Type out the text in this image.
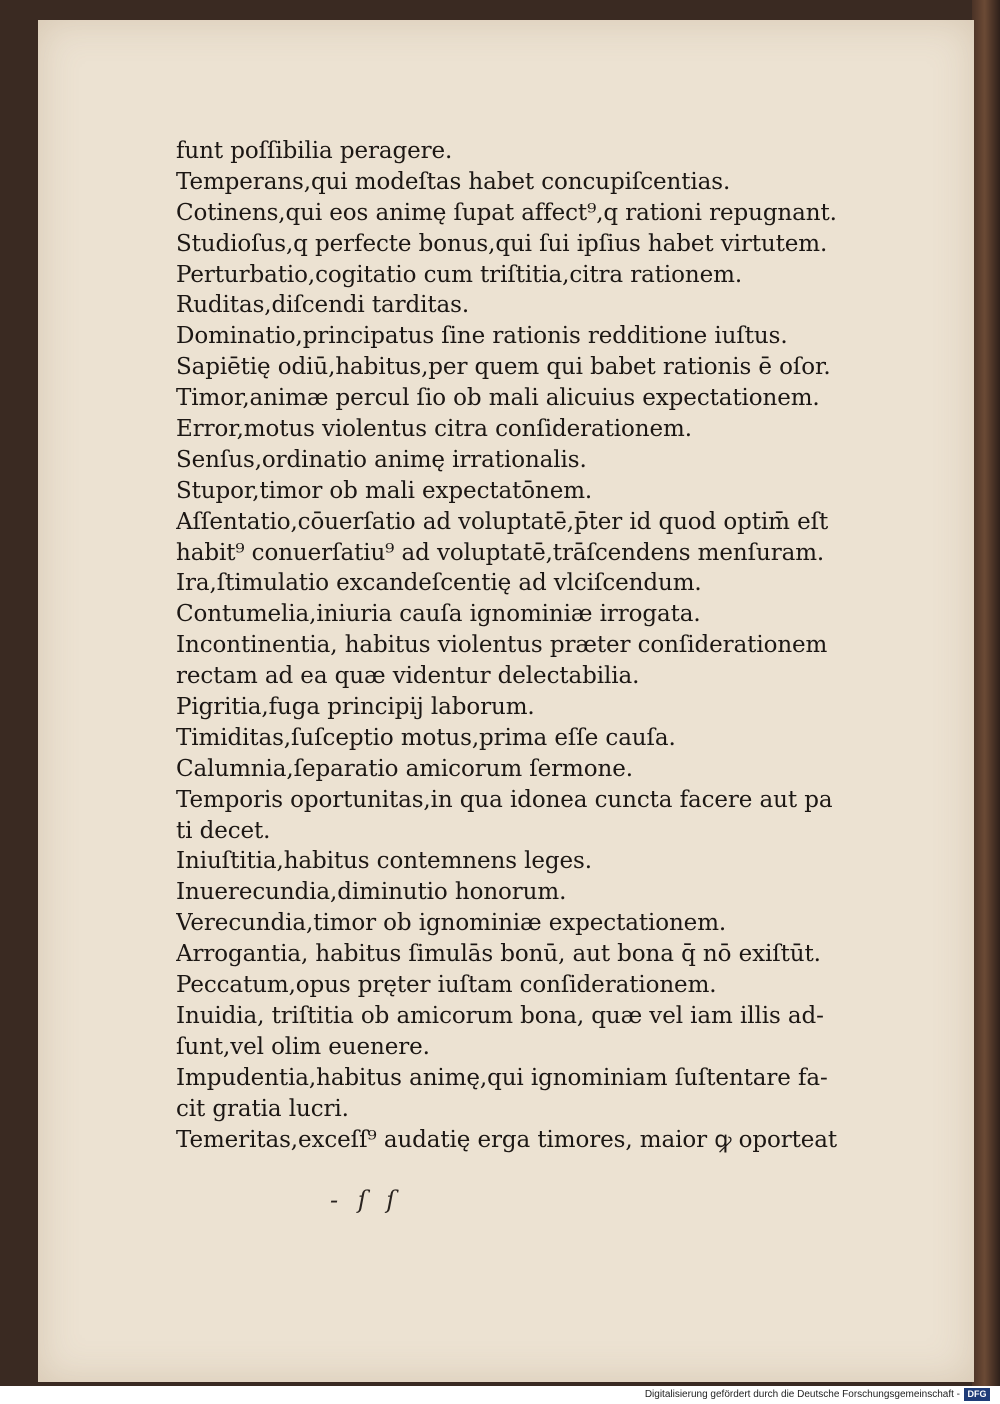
funt poſſibilia peragere.
Temperans,qui modeſtas habet concupiſcentias.
Cotinens,qui eos animę ſupat affect⁹,q rationi repugnant.
Studioſus,q perfecte bonus,qui ſui ipſius habet virtutem.
Perturbatio,cogitatio cum triſtitia,citra rationem.
Ruditas,diſcendi tarditas.
Dominatio,principatus ſine rationis redditione iuſtus.
Sapiētię odiū,habitus,per quem qui babet rationis ē oſor.
Timor,animæ percul ſio ob mali alicuius expectationem.
Error,motus violentus citra conſiderationem.
Senſus,ordinatio animę irrationalis.
Stupor,timor ob mali expectatōnem.
Aſſentatio,cōuerſatio ad voluptatē,p̄ter id quod optim̄ eſt
habit⁹ conuerſatiu⁹ ad voluptatē,trāſcendens menſuram.
Ira,ſtimulatio excandeſcentię ad vlciſcendum.
Contumelia,iniuria cauſa ignominiæ irrogata.
Incontinentia, habitus violentus præter conſiderationem
rectam ad ea quæ videntur delectabilia.
Pigritia,fuga principij laborum.
Timiditas,ſuſceptio motus,prima eſſe cauſa.
Calumnia,ſeparatio amicorum ſermone.
Temporis oportunitas,in qua idonea cuncta facere aut pa
ti decet.
Iniuſtitia,habitus contemnens leges.
Inuerecundia,diminutio honorum.
Verecundia,timor ob ignominiæ expectationem.
Arrogantia, habitus ſimulās bonū, aut bona q̄ nō exiſtūt.
Peccatum,opus pręter iuſtam conſiderationem.
Inuidia, triſtitia ob amicorum bona, quæ vel iam illis ad-
ſunt,vel olim euenere.
Impudentia,habitus animę,qui ignominiam ſuſtentare fa-
cit gratia lucri.
Temeritas,exceſſ⁹ audatię erga timores, maior ꝙ oporteat
- ſ ſ
Digitalisierung gefördert durch die Deutsche Forschungsgemeinschaft - DFG
